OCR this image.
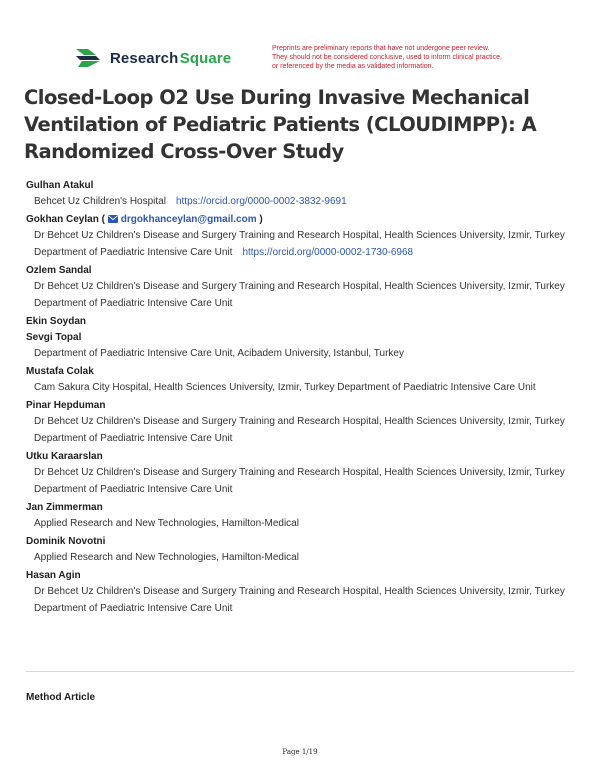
Research Square
Preprints are preliminary reports that have not undergone peer review.
They should not be considered conclusive, used to inform clinical practice,
or referenced by the media as validated information.
Closed-Loop O2 Use During Invasive Mechanical Ventilation of Pediatric Patients (CLOUDIMPP): A Randomized Cross-Over Study
Gulhan Atakul
Behcet Uz Children's Hospital https://orcid.org/0000-0002-3832-9691
Gokhan Ceylan ( drgokhanceylan@gmail.com )
Dr Behcet Uz Children's Disease and Surgery Training and Research Hospital, Health Sciences University, Izmir, Turkey Department of Paediatric Intensive Care Unit https://orcid.org/0000-0002-1730-6968
Ozlem Sandal
Dr Behcet Uz Children's Disease and Surgery Training and Research Hospital, Health Sciences University, Izmir, Turkey Department of Paediatric Intensive Care Unit
Ekin Soydan
Sevgi Topal
Department of Paediatric Intensive Care Unit, Acibadem University, Istanbul, Turkey
Mustafa Colak
Cam Sakura City Hospital, Health Sciences University, Izmir, Turkey Department of Paediatric Intensive Care Unit
Pinar Hepduman
Dr Behcet Uz Children's Disease and Surgery Training and Research Hospital, Health Sciences University, Izmir, Turkey Department of Paediatric Intensive Care Unit
Utku Karaarslan
Dr Behcet Uz Children's Disease and Surgery Training and Research Hospital, Health Sciences University, Izmir, Turkey Department of Paediatric Intensive Care Unit
Jan Zimmerman
Applied Research and New Technologies, Hamilton-Medical
Dominik Novotni
Applied Research and New Technologies, Hamilton-Medical
Hasan Agin
Dr Behcet Uz Children's Disease and Surgery Training and Research Hospital, Health Sciences University, Izmir, Turkey Department of Paediatric Intensive Care Unit
Method Article
Page 1/19
